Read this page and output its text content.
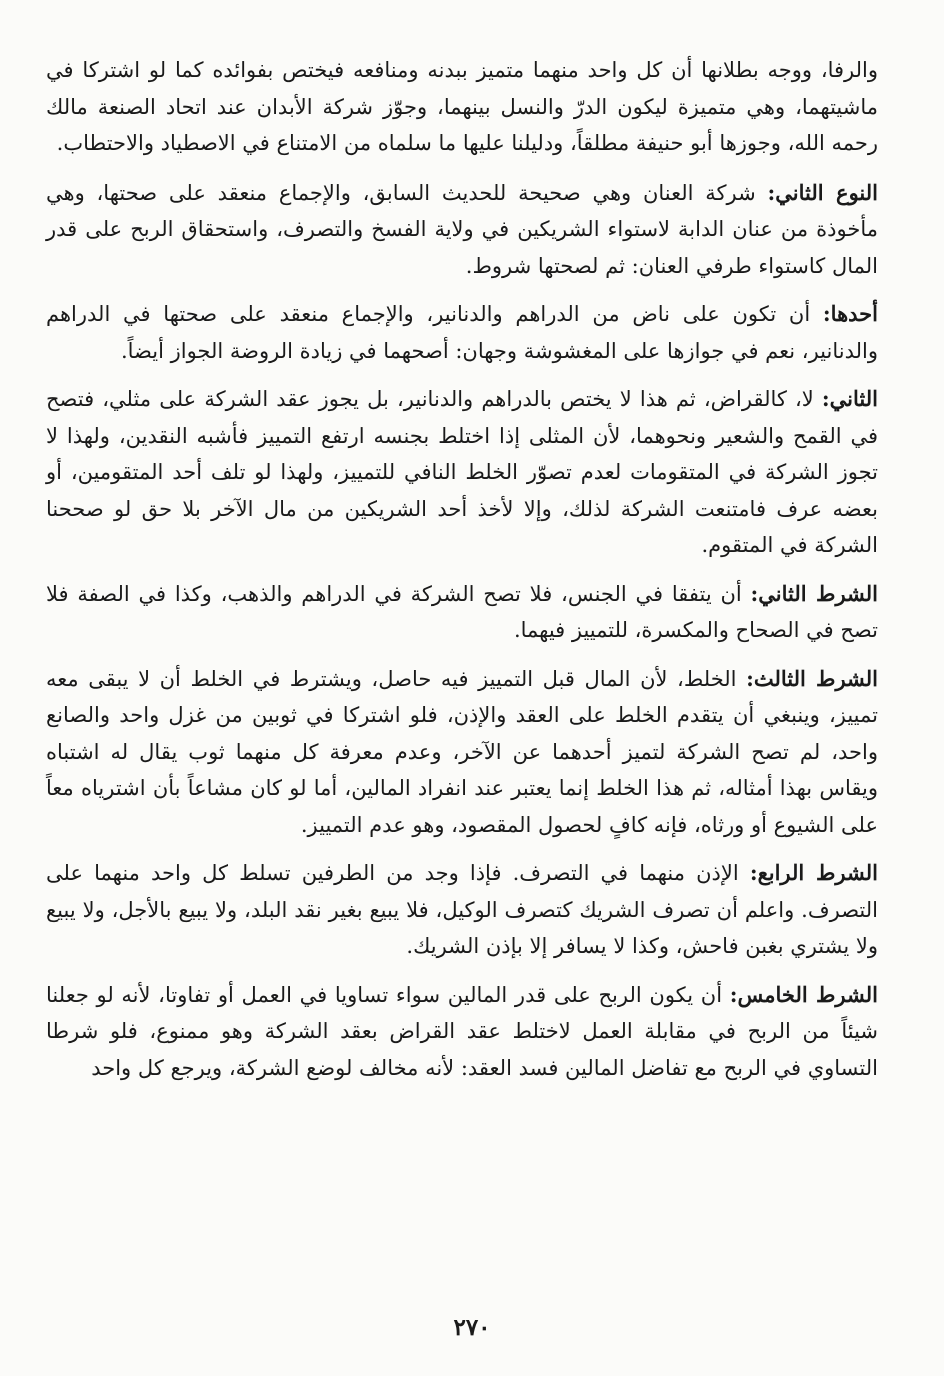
والرفا، ووجه بطلانها أن كل واحد منهما متميز ببدنه ومنافعه فيختص بفوائده كما لو اشتركا في ماشيتهما، وهي متميزة ليكون الدرّ والنسل بينهما، وجوّز شركة الأبدان عند اتحاد الصنعة مالك رحمه الله، وجوزها أبو حنيفة مطلقاً، ودليلنا عليها ما سلماه من الامتناع في الاصطياد والاحتطاب.

النوع الثاني: شركة العنان وهي صحيحة للحديث السابق، والإجماع منعقد على صحتها، وهي مأخوذة من عنان الدابة لاستواء الشريكين في ولاية الفسخ والتصرف، واستحقاق الربح على قدر المال كاستواء طرفي العنان: ثم لصحتها شروط.

أحدها: أن تكون على ناض من الدراهم والدنانير، والإجماع منعقد على صحتها في الدراهم والدنانير، نعم في جوازها على المغشوشة وجهان: أصحهما في زيادة الروضة الجواز أيضاً.

الثاني: لا، كالقراض، ثم هذا لا يختص بالدراهم والدنانير، بل يجوز عقد الشركة على مثلي، فتصح في القمح والشعير ونحوهما، لأن المثلى إذا اختلط بجنسه ارتفع التمييز فأشبه النقدين، ولهذا لا تجوز الشركة في المتقومات لعدم تصوّر الخلط النافي للتمييز، ولهذا لو تلف أحد المتقومين، أو بعضه عرف فامتنعت الشركة لذلك، وإلا لأخذ أحد الشريكين من مال الآخر بلا حق لو صححنا الشركة في المتقوم.

الشرط الثاني: أن يتفقا في الجنس، فلا تصح الشركة في الدراهم والذهب، وكذا في الصفة فلا تصح في الصحاح والمكسرة، للتمييز فيهما.

الشرط الثالث: الخلط، لأن المال قبل التمييز فيه حاصل، ويشترط في الخلط أن لا يبقى معه تمييز، وينبغي أن يتقدم الخلط على العقد والإذن، فلو اشتركا في ثوبين من غزل واحد والصانع واحد، لم تصح الشركة لتميز أحدهما عن الآخر، وعدم معرفة كل منهما ثوب يقال له اشتباه ويقاس بهذا أمثاله، ثم هذا الخلط إنما يعتبر عند انفراد المالين، أما لو كان مشاعاً بأن اشترياه معاً على الشيوع أو ورثاه، فإنه كافٍ لحصول المقصود، وهو عدم التمييز.

الشرط الرابع: الإذن منهما في التصرف. فإذا وجد من الطرفين تسلط كل واحد منهما على التصرف. واعلم أن تصرف الشريك كتصرف الوكيل، فلا يبيع بغير نقد البلد، ولا يبيع بالأجل، ولا يبيع ولا يشتري بغبن فاحش، وكذا لا يسافر إلا بإذن الشريك.

الشرط الخامس: أن يكون الربح على قدر المالين سواء تساويا في العمل أو تفاوتا، لأنه لو جعلنا شيئاً من الربح في مقابلة العمل لاختلط عقد القراض بعقد الشركة وهو ممنوع، فلو شرطا التساوي في الربح مع تفاضل المالين فسد العقد: لأنه مخالف لوضع الشركة، ويرجع كل واحد

٢٧٠
